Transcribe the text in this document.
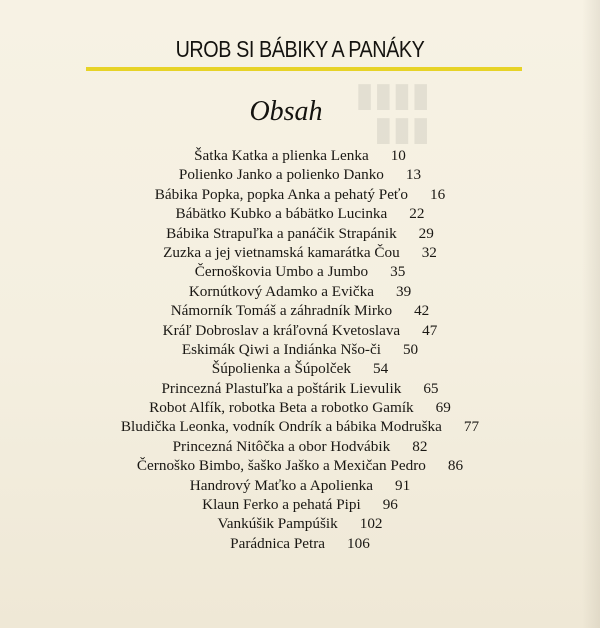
UROB SI BÁBIKY A PANÁKY
▮▮▮▮
▮▮▮
Obsah
Šatka Katka a plienka Lenka 10
Polienko Janko a polienko Danko 13
Bábika Popka, popka Anka a pehatý Peťo 16
Bábätko Kubko a bábätko Lucinka 22
Bábika Strapuľka a panáčik Strapánik 29
Zuzka a jej vietnamská kamarátka Čou 32
Černoškovia Umbo a Jumbo 35
Kornútkový Adamko a Evička 39
Námorník Tomáš a záhradník Mirko 42
Kráľ Dobroslav a kráľovná Kvetoslava 47
Eskimák Qiwi a Indiánka Nšo-či 50
Šúpolienka a Šúpolček 54
Princezná Plastuľka a poštárik Lievulik 65
Robot Alfík, robotka Beta a robotko Gamík 69
Bludička Leonka, vodník Ondrík a bábika Modruška 77
Princezná Nitôčka a obor Hodvábik 82
Černoško Bimbo, šaško Jaško a Mexičan Pedro 86
Handrový Maťko a Apolienka 91
Klaun Ferko a pehatá Pipi 96
Vankúšik Pampúšik 102
Parádnica Petra 106
